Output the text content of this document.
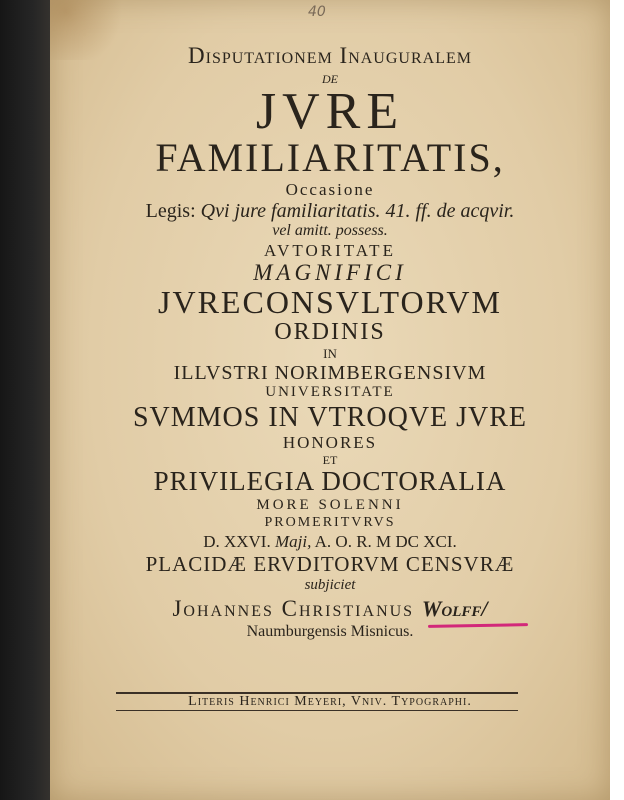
40
Disputationem Inauguralem
DE
JVRE
FAMILIARITATIS,
Occasione
Legis: Qvi jure familiaritatis. 41. ff. de acqvir.
vel amitt. possess.
AVTORITATE
MAGNIFICI
JVRECONSVLTORVM
ORDINIS
IN
ILLVSTRI NORIMBERGENSIVM
UNIVERSITATE
SVMMOS IN VTROQVE JVRE
HONORES
ET
PRIVILEGIA DOCTORALIA
MORE SOLENNI
PROMERITVRVS
D. XXVI. Maji, A. O. R. M DC XCI.
PLACIDÆ ERVDITORVM CENSVRÆ
subjiciet
Johannes Christianus Wolff/
Naumburgensis Misnicus.
Literis Henrici Meyeri, Vniv. Typographi.
